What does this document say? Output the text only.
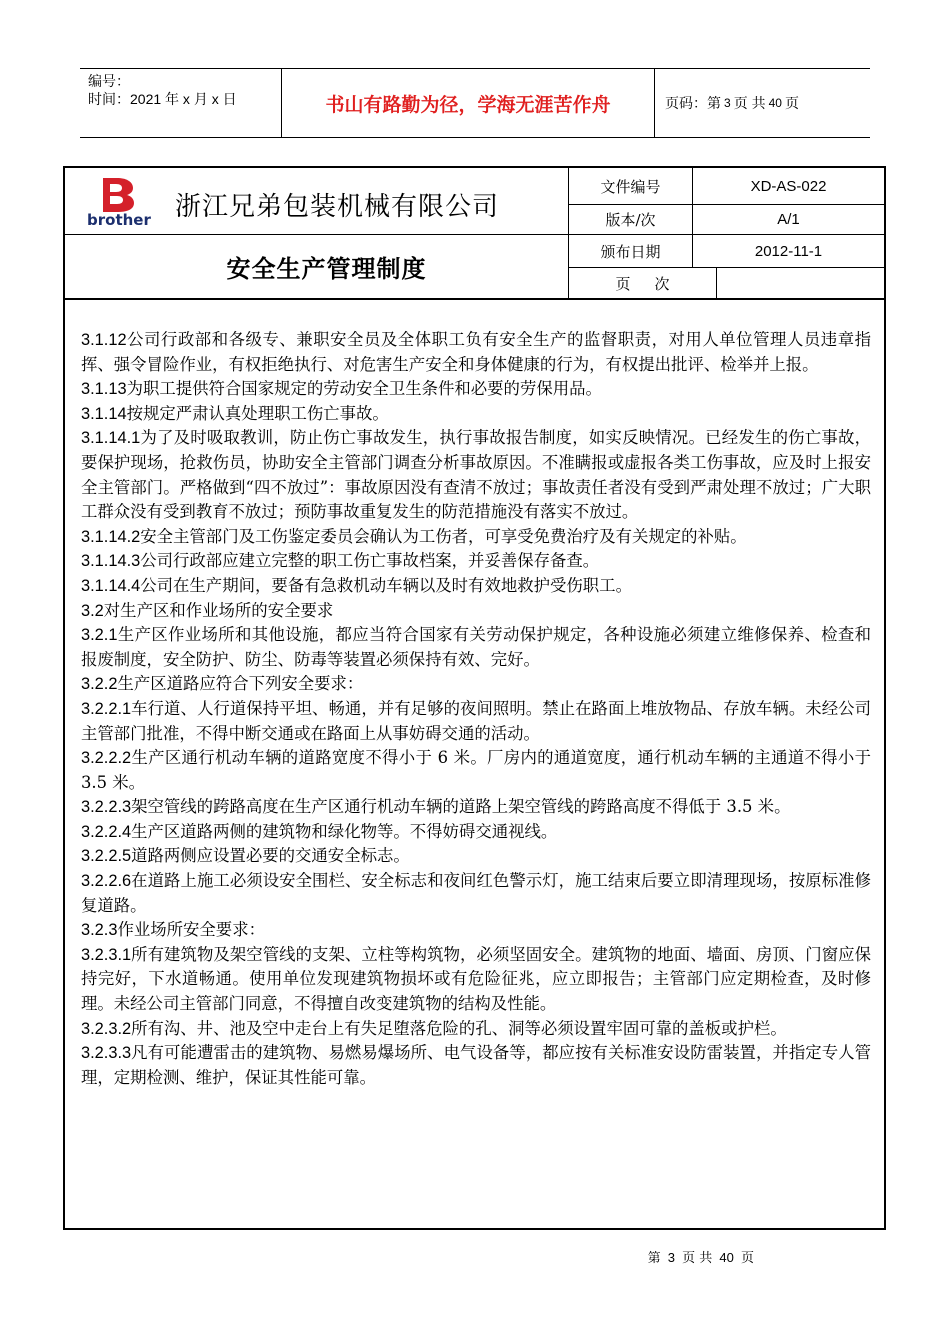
编号：
时间：2021 年 x 月 x 日	书山有路勤为径，学海无涯苦作舟	页码：第 3 页 共 40 页
brother 浙江兄弟包装机械有限公司
安全生产管理制度
文件编号	XD-AS-022
版本/次	A/1
颁布日期	2012-11-1
页次

3.1.12公司行政部和各级专、兼职安全员及全体职工负有安全生产的监督职责，对用人单位管理人员违章指挥、强令冒险作业，有权拒绝执行、对危害生产安全和身体健康的行为，有权提出批评、检举并上报。

3.1.13为职工提供符合国家规定的劳动安全卫生条件和必要的劳保用品。

3.1.14按规定严肃认真处理职工伤亡事故。

3.1.14.1为了及时吸取教训，防止伤亡事故发生，执行事故报告制度，如实反映情况。已经发生的伤亡事故，要保护现场，抢救伤员，协助安全主管部门调查分析事故原因。不准瞒报或虚报各类工伤事故，应及时上报安全主管部门。严格做到“四不放过”：事故原因没有查清不放过；事故责任者没有受到严肃处理不放过；广大职工群众没有受到教育不放过；预防事故重复发生的防范措施没有落实不放过。

3.1.14.2安全主管部门及工伤鉴定委员会确认为工伤者，可享受免费治疗及有关规定的补贴。

3.1.14.3公司行政部应建立完整的职工伤亡事故档案，并妥善保存备查。

3.1.14.4公司在生产期间，要备有急救机动车辆以及时有效地救护受伤职工。

3.2对生产区和作业场所的安全要求

3.2.1生产区作业场所和其他设施，都应当符合国家有关劳动保护规定，各种设施必须建立维修保养、检查和报废制度，安全防护、防尘、防毒等装置必须保持有效、完好。

3.2.2生产区道路应符合下列安全要求：

3.2.2.1车行道、人行道保持平坦、畅通，并有足够的夜间照明。禁止在路面上堆放物品、存放车辆。未经公司主管部门批准，不得中断交通或在路面上从事妨碍交通的活动。

3.2.2.2生产区通行机动车辆的道路宽度不得小于 6 米。厂房内的通道宽度，通行机动车辆的主通道不得小于 3.5 米。

3.2.2.3架空管线的跨路高度在生产区通行机动车辆的道路上架空管线的跨路高度不得低于 3.5 米。

3.2.2.4生产区道路两侧的建筑物和绿化物等。不得妨碍交通视线。

3.2.2.5道路两侧应设置必要的交通安全标志。

3.2.2.6在道路上施工必须设安全围栏、安全标志和夜间红色警示灯，施工结束后要立即清理现场，按原标准修复道路。

3.2.3作业场所安全要求：

3.2.3.1所有建筑物及架空管线的支架、立柱等构筑物，必须坚固安全。建筑物的地面、墙面、房顶、门窗应保持完好，下水道畅通。使用单位发现建筑物损坏或有危险征兆，应立即报告；主管部门应定期检查，及时修理。未经公司主管部门同意，不得擅自改变建筑物的结构及性能。

3.2.3.2所有沟、井、池及空中走台上有失足堕落危险的孔、洞等必须设置牢固可靠的盖板或护栏。

3.2.3.3凡有可能遭雷击的建筑物、易燃易爆场所、电气设备等，都应按有关标准安设防雷装置，并指定专人管理，定期检测、维护，保证其性能可靠。

第 3 页 共 40 页
